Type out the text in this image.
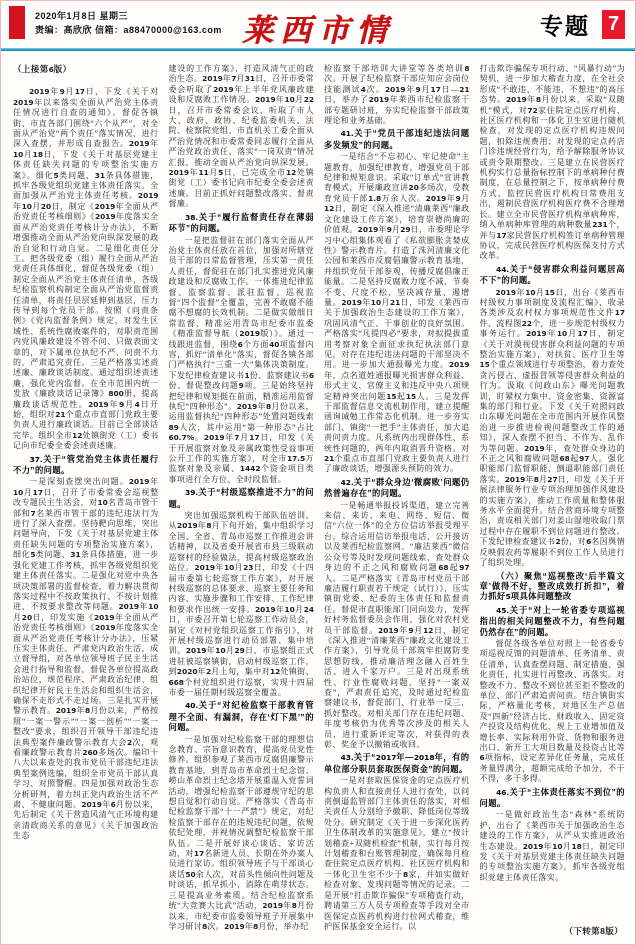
2020年1月8日 星期三
责编：高欣欣 信箱：a88470000@163.com 莱西市情	专题 7

（上接第6版）

2019年9月17日，下发《关于对2019年以来落实全面从严治党主体责任情况进行自查的通知》。督促各镇街、市直各部门围绕“六个从严”，对全面从严治党“两个责任”落实情况，进行深入查摆，并形成自查报告。2019年10月18日，下发《关于对基层党建主体责任缺失问题的专项整治实施方案》。细化5类问题、31条具体措施，抓牢各级党组织党建主体责任落实。全面加强从严治党主体责任考核。2019年10月20日，制定《2019年全面从严治党责任考核细则》《2019年度落实全面从严治党责任考核计分办法》，不断增强推动全面从严治党向纵深发展的政治自觉和行动自觉。二是细化责任分工。把各级党委（组）履行全面从严治党责任具体细化，督促各级党委（组）制定全面从严治党主体责任清单，各级纪检监察机构制定全面从严治党监督责任清单，将责任层层延伸到基层，压力传导到每个党员干部。按照《问责条例》《党内监督条例》规定，对发生区域性、系统性腐败案件的，对职责范围内党风廉政建设不管不问、只做表面文章的，对下属单位执纪不严、问责不力的，严肃追究责任。三是严格落实述责述廉、廉政谈话制度。通过组织述责述廉，强化党内监督。在全市范围内统一发放《廉政谈话记录簿》800册，提高廉政谈话规范性。2019年9月4日开始，组织对21个重点市直部门党政主要负责人进行廉政谈话。目前已全部谈话完毕。组织全市12处镇街党（工）委书记向市纪委全委会述责述廉。

37.关于“管党治党主体责任履行不力”的问题。

一是深刻查摆突出问题。2019年10月17日，召开了市委常委会巡视整改专题民主生活会，对10名青岛市管干部和7名莱西市管干部的违纪违法行为进行了深入查摆。坚持靶向思维，突出问题导向，下发《关于对基层党建主体责任缺失问题的专项整治实施方案》，细化5类问题、31条具体措施，进一步强化党建工作考核，抓牢各级党组织党建主体责任落实。二是强化对党中央各项决策部署的监督检查，着力解决贯彻落实过程中不按政策执行、不按计划推进、不按要求整改等问题。2019年10月20日，印发实施《2019年全面从严治党责任考核细则》《2019年度落实全面从严治党责任考核计分办法》，压紧压实主体责任。严肃党内政治生活，成立督导组，对各单位领导班子民主生活会进行指导和监督，督促各单位提高政治站位，规范程序、严肃政治纪律、组织纪律开好民主生活会和组织生活会，确保不走形式不走过场。三是扎实开展警示教育。2019年8月份以来，严格按照“一案一警示”“一案一剖析”“一案一整改”要求，组织召开领导干部违纪违法典型案件廉政警示教育大会2次，观看廉政警示教育片260多场次。编印十八大以来查处的我市党员干部违纪违法典型案例选编，组织全市党员干部认真学习、对照警醒。四是加强对政治生态分析研判，着力纠正党内政治生活不严肃、不健康问题。2019年6月份以来，先后制定《关于营造风清气正环境构建亲清政商关系的意见》《关于加强政治生态

建设的工作方案》，打造风清气正的政治生态。2019年7月31日，召开市委常委会听取了2019年上半年党风廉政建设和反腐败工作情况。2019年10月22日，召开市委常委会议，听取了市人大、政府、政协、纪委监委机关、法院、检察院党组、市直机关工委全面从严治党情况和市委常委同志履行全面从严治党政治责任、落实“一岗双责”情况汇报，推动全面从严治党向纵深发展。2019年11月5日，已完成全市12处镇街党（工）委书记向市纪委全委会述责述廉。目前正抓好问题整改落实、督责督廉。

38.关于“履行监督责任存在薄弱环节”的问题。

一是把监督驻在部门落实全面从严治党主体责任放在首位，加强对所辖党员干部的日常监督管理，压实第一责任人责任，督促驻在部门扎实推进党风廉政建设和反腐败工作。一体推进纪律监督、监察监督、派驻监督、巡视监督“四个监督”全覆盖，完善不敢腐不能腐不想腐的长效机制。二是做实做细日常监督，精准运用青岛市纪委市监委《精准监督导航（2019版）》。通过一线跟进监督，围绕6个方面40项监督内容，抓好“清单化”落实，督促各镇各部门严格执行“三重一大”集体决策制度。下发纪律检查建议书1份、监察建议书6份、督促整改问题9项。三是始终坚持把纪律和规矩挺在前面，精准运用监督执纪“四种形态”。2019年8月份以来，运用监督执纪“四种形态”处置问题线索89人次，其中运用“第一种形态”占比60.7%。2019年7月17日，印发《关于开展监察对象及亲属政策性受益事项公开工作的实施方案》，对全市17.5万监察对象及亲属、1442个资金项目类事项进行全方位、全时段监督。

39.关于“村级巡察推进不力”的问题。

突出加强巡察机构干部队伍培训。从2019年8月下旬开始，集中组织学习全国、全省、青岛市巡察工作推进会讲话精神，以及省委开展省市县三级联动巡察村的经验做法，提高村级巡察政治站位。2019年10月23日，印发《十四届市委第七轮巡察工作方案》，对开展村级巡察的总体要求、巡察主要任务和内容、实施步骤和工作安排、工作纪律和要求作出统一安排。2019年10月24日，市委召开第七轮巡察工作动员会，制定《对村党组织巡察工作指引》，对开展村级巡察进行动员部署、集中培训。2019年10月29日，市巡察组正式进驻被巡察镇街，启动村级巡察工作，到2020年2月上旬，集中对12处镇街、668个村党组织进行巡察，实现十四届市委一届任期村级巡察全覆盖。

40.关于“对纪检监察干部教育管理不全面、有漏洞，存在‘灯下黑’”的问题。

一是加强对纪检监察干部的理想信念教育、宗旨意识教育，提高党员党性修养。组织参观了莱西市反腐倡廉警示教育基地，到青岛市革命烈士纪念馆、崂山革命烈士纪念塔开展重温入党誓词活动，增强纪检监察干部遵规守纪的思想自觉和行动自觉。严格落实《青岛市纪检监察干部“十一严禁”》规定，对纪检监察干部存在的违规违纪问题，依规依纪处理，并视情况调整纪检监察干部队伍。二是开展好谈心谈话、家访活动，对17名新进人员、长期在外办案人员进行家访。组织领导班子与干部谈心谈话50余人次，对苗头性倾向性问题及时谈话，抓早抓小，消除在萌芽状态。三是提高业务素质。结合纪检监察系统“大竞赛大比武”活动，2019年8月份以来，市纪委市监委领导班子开展集中学习研讨8次。2019年8月份，举办纪

检监察干部培训大讲堂等各类培训8次。开展了纪检监察干部应知应会岗位技能测试4次。2019年9月17日—21日，举办了2019年莱西市纪检监察干部专题研讨班，夯实纪检监察干部政策理论和业务基础。

41.关于“党员干部违纪违法问题多发频发”的问题。

一是结合“不忘初心、牢记使命”主题教育，加强纪律教育，增强党员干部纪律和规矩意识。采取“订单式”宣讲教育模式，开展廉政宣讲20多场次，受教育党员干部1.8万余人次。2019年9月12日，制定《深入推进“清廉莱西”廉政文化建设工作方案》，培育崇德尚廉的价值观。2019年9月29日，市委理论学习中心组集体观看了《私欲膨胀贪婪成性》警示教育片。打造了洙河清廉文化公园和莱西市反腐倡廉警示教育基地，并组织党员干部参观，传播反腐倡廉正能量。二是坚持反腐败力度不减、节奏不变、尺度不松，坚决减存量、遏增量。2019年10月21日，印发《莱西市关于加强政治生态建设的工作方案》，巩固风清气正、干事创业的良好氛围。严格落实“凡提四必”要求，对拟提拔重用考察对象全面征求执纪执法部门意见，对存在违纪违法问题的干部坚决不用。进一步加大通报曝光力度。2019年，点名道姓通报曝光损害群众利益、形式主义、官僚主义和违反中央八项规定精神突出问题15起15人。三是发挥干部监督信息交流机制作用，建立提醒函询诫勉工作常态化机制。进一步夯实部门、镇街“一把手”主体责任，加大追责问责力度。凡系统内出现群体性、系统性问题的，两年内取消晋升资格。对21个重点市直部门党政主要负责人进行了廉政谈话，增强源头预防的效力。

42.关于“群众身边‘微腐败’问题仍然普遍存在”的问题。

一是畅通举报投诉渠道，建立完善来信、来访、来电、网络、短信、微信“六位一体”的全方位信访举报受理平台，综合运用信访举报电话、公开接访以及莱西纪检监察网、“廉洁莱西”微信公众号等及时发现问题线索，查处群众身边的不正之风和腐败问题68起97人。二是严格落实《青岛市村党员干部廉洁履行职责若干规定（试行）》，压实镇街党委、纪委的主体责任和监督责任。督促市直职能部门同向发力，发挥好村务监督委员会作用，强化对农村党员干部监督。2019年9月12日，制定《深入推进“清廉莱西”廉政文化建设工作方案》，引导党员干部筑牢拒腐防变思想防线，推动廉洁理念融入百姓生活、进入千家万户。三是对出现系统性、行业性腐败问题，坚持“一案双查”，严肃责任追究，及时通过纪检监察建议书，督促部门、行业举一反三，抓好整改。对相关部门存在违纪问题、年度考核仍为优秀等次涉及的相关人员，进行重新评定等次，对获得的表彰、奖金予以撤销或收回。

43.关于“2017年—2018年，有的单位部分职员套取医保资金”的问题。

一是对套取医保资金的定点医疗机构负责人和直接责任人进行查处，以问责倒逼监管部门主体责任的落实，对相关责任人分别给予撤职、降低岗位等级处分。研究制定《关于进一步深化医药卫生体制改革的实施意见》，建立“按计划稽查+双随机检查”机制，实行每月按计划稽查和台账管理制度，确保每月检查住院定点医疗机构、社区医疗机构和一体化卫生室不少于8家，并如实做好检查对象、发现问题等情况的记录。二是开展“打击欺诈骗保”专项稽查行动，聘请第三方人员专项检查等手段对全市医保定点医药机构进行拉网式稽查，维护医保基金安全运行。以

打击欺诈骗保专项行动、“风暴行动”为契机，进一步加大稽查力度，在全社会形成“不敢违、不能违、不想违”的高压态势。2019年8月份以来，采取“双随机”模式，对72家住院定点医疗机构、社区医疗机构和一体化卫生室进行随机检查，对发现的定点医疗机构违规问题，扣除违规费用；对发现的定点药店门诊违规经营行为，给予解除服务协议或责令限期整改。三是建立在民营医疗机构实行总量指标控制下的单病种付费制度，在总量控制之下，按单病种付费方式，监控民营医疗机构日常费用支出，遏制民营医疗机构医疗费不合理增长。建立全市民营医疗机构单病种库，纳入单病种库管理的病种数量231个，并与17家民营医疗机构签订单病种管理协议，完成民营医疗机构医保支付方式改革。

44.关于“侵害群众利益问题居高不下”的问题。

2019年10月15日，出台《莱西市村级权力事项制度及流程汇编》，收录各类涉及农村权力事项规范性文件17件、流程图22个，进一步规范村级权力事务运行。2019年10月17日，制定《关于对漠视侵害群众利益问题的专项整治实施方案》，对扶贫、医疗卫生等15个重点领域进行专项整治，着力查处贪污侵占、虚报冒领等侵害群众利益的行为。汲取《问政山东》曝光问题教训，盯紧权力集中、资金密集、资源富集的部门和行业。下发《关于对照问政山东曝光问题在全市范围内开展作风整治进一步推进检视问题整改工作的通知》，深入查摆不担当、不作为、乱作为等问题。2019年，查处群众身边的不正之风和腐败问题68起97人。强化职能部门监督职能，倒逼职能部门责任落实。2019年8月27日，印发《关于开展法律服务行业专项治理加强作风建设的实施方案》，推动工作质量和整体服务水平全面提升。结合营商环境专项整治，责成相关部门对姜山湿地收取门票过程中存在履职不到位问题进行整改。下发纪律检查建议书2份，对6名因舆情反映假农药等履职不到位工作人员进行了组织处理。

（六）聚焦“巡视整改‘后半篇文章’做得不好，整改成效打折扣”，着力抓好5项具体问题整改

45.关于“对上一轮省委专项巡视指出的相关问题整改不力，有些问题仍然存在”的问题。

督促各级各单位对照上一轮省委专项巡视反馈的问题清单、任务清单、责任清单，认真查摆问题、制定措施、强化责任，扎实进行再整改、再落实。对整改不力、整改不到位甚至拒不整改的单位、部门严肃追责问责。结合镇街实际，严格量化考核，对地区生产总值及“四新”经济占比、财政收入、固定资产投资及结构优化、规上工业增加值及增长率、实际利用外资、货物和服务进出口、新开工大项目数量及投资占比等6项指标，设定差异化任务量，完成任务量得满分，超额完成给予加分，不干不得，多干多得。

46.关于“主体责任落实不到位”的问题。

一是做好政治生态“森林”系统防护，出台了《莱西市关于加强政治生态建设的工作方案》，从严从实推进政治生态建设。2019年10月18日，制定印发《关于对基层党建主体责任缺失问题的专项整治实施方案》，抓牢各级党组织党建主体责任落实。

（下转第8版）
